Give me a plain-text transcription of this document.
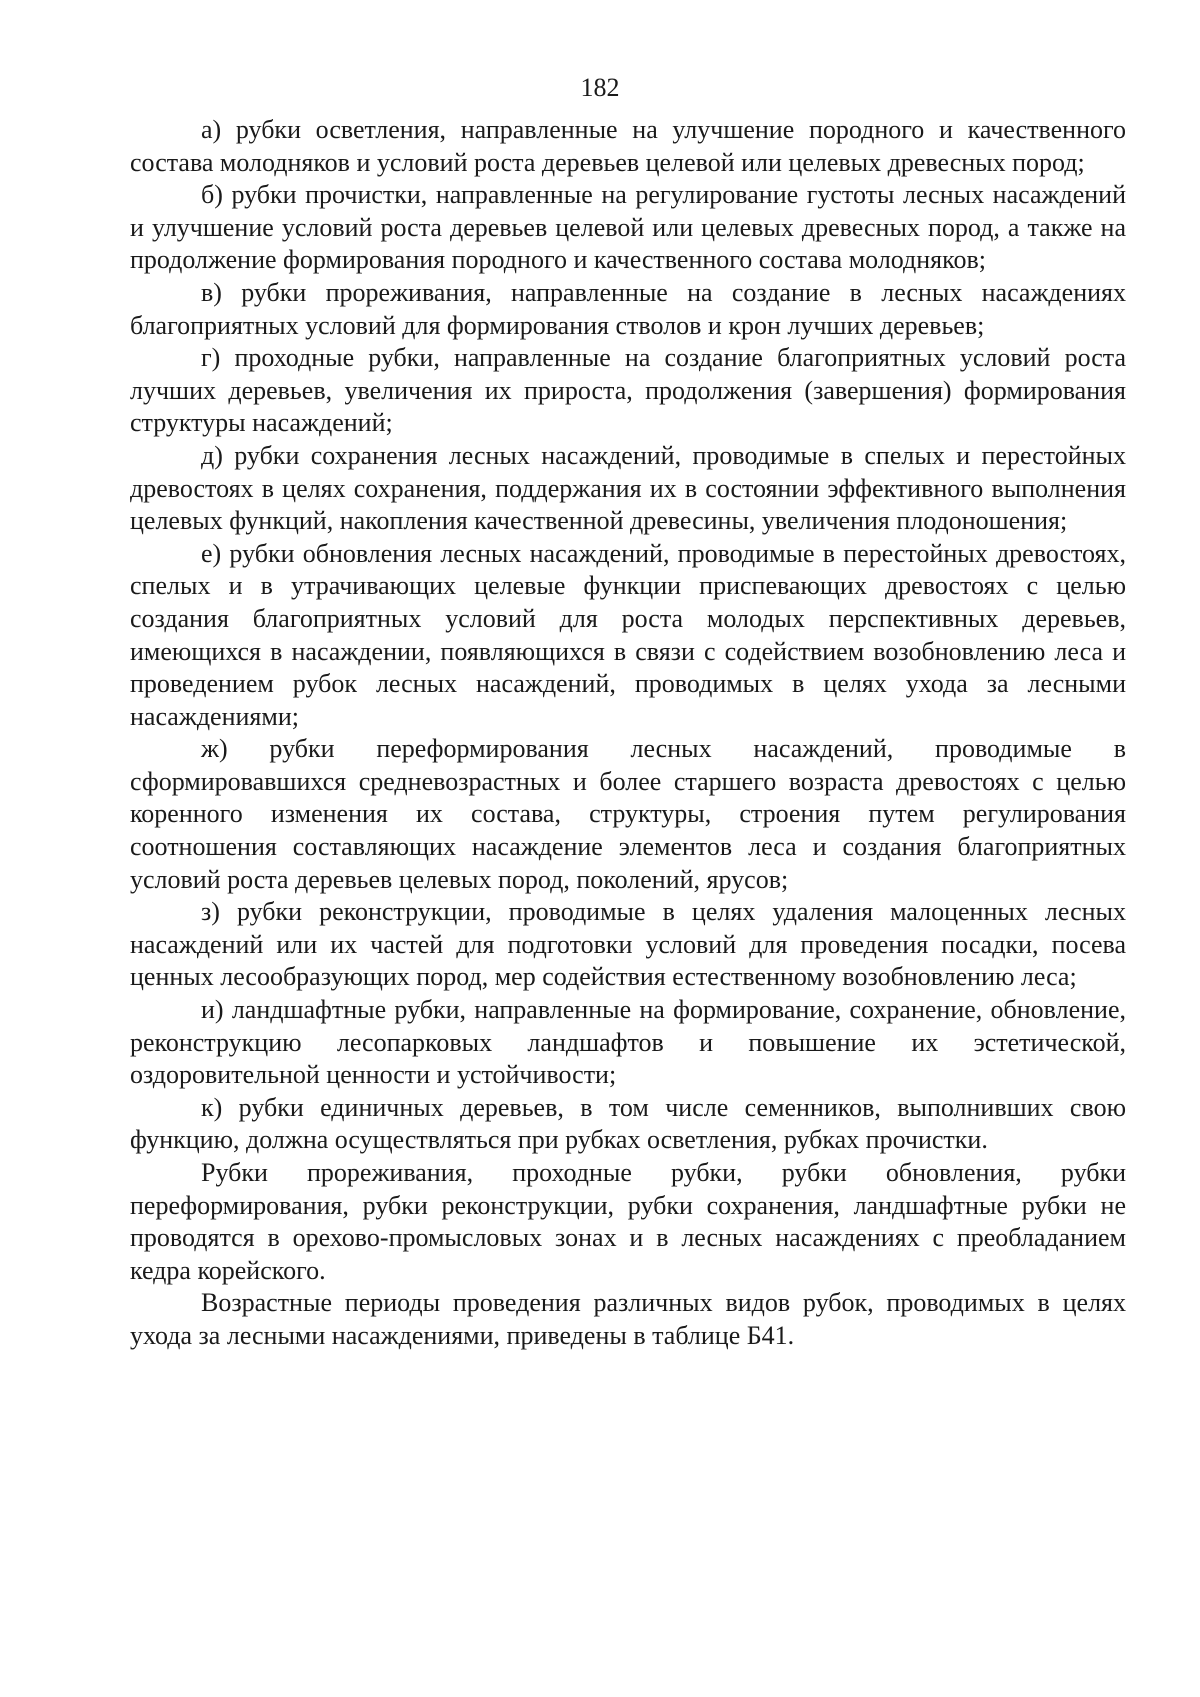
182

а) рубки осветления, направленные на улучшение породного и качественного состава молодняков и условий роста деревьев целевой или целевых древесных пород;

б) рубки прочистки, направленные на регулирование густоты лесных насаждений и улучшение условий роста деревьев целевой или целевых древесных пород, а также на продолжение формирования породного и качественного состава молодняков;

в) рубки прореживания, направленные на создание в лесных насаждениях благоприятных условий для формирования стволов и крон лучших деревьев;

г) проходные рубки, направленные на создание благоприятных условий роста лучших деревьев, увеличения их прироста, продолжения (завершения) формирования структуры насаждений;

д) рубки сохранения лесных насаждений, проводимые в спелых и перестойных древостоях в целях сохранения, поддержания их в состоянии эффективного выполнения целевых функций, накопления качественной древесины, увеличения плодоношения;

е) рубки обновления лесных насаждений, проводимые в перестойных древостоях, спелых и в утрачивающих целевые функции приспевающих древостоях с целью создания благоприятных условий для роста молодых перспективных деревьев, имеющихся в насаждении, появляющихся в связи с содействием возобновлению леса и проведением рубок лесных насаждений, проводимых в целях ухода за лесными насаждениями;

ж) рубки переформирования лесных насаждений, проводимые в сформировавшихся средневозрастных и более старшего возраста древостоях с целью коренного изменения их состава, структуры, строения путем регулирования соотношения составляющих насаждение элементов леса и создания благоприятных условий роста деревьев целевых пород, поколений, ярусов;

з) рубки реконструкции, проводимые в целях удаления малоценных лесных насаждений или их частей для подготовки условий для проведения посадки, посева ценных лесообразующих пород, мер содействия естественному возобновлению леса;

и) ландшафтные рубки, направленные на формирование, сохранение, обновление, реконструкцию лесопарковых ландшафтов и повышение их эстетической, оздоровительной ценности и устойчивости;

к) рубки единичных деревьев, в том числе семенников, выполнивших свою функцию, должна осуществляться при рубках осветления, рубках прочистки.

Рубки прореживания, проходные рубки, рубки обновления, рубки переформирования, рубки реконструкции, рубки сохранения, ландшафтные рубки не проводятся в орехово-промысловых зонах и в лесных насаждениях с преобладанием кедра корейского.

Возрастные периоды проведения различных видов рубок, проводимых в целях ухода за лесными насаждениями, приведены в таблице Б41.
